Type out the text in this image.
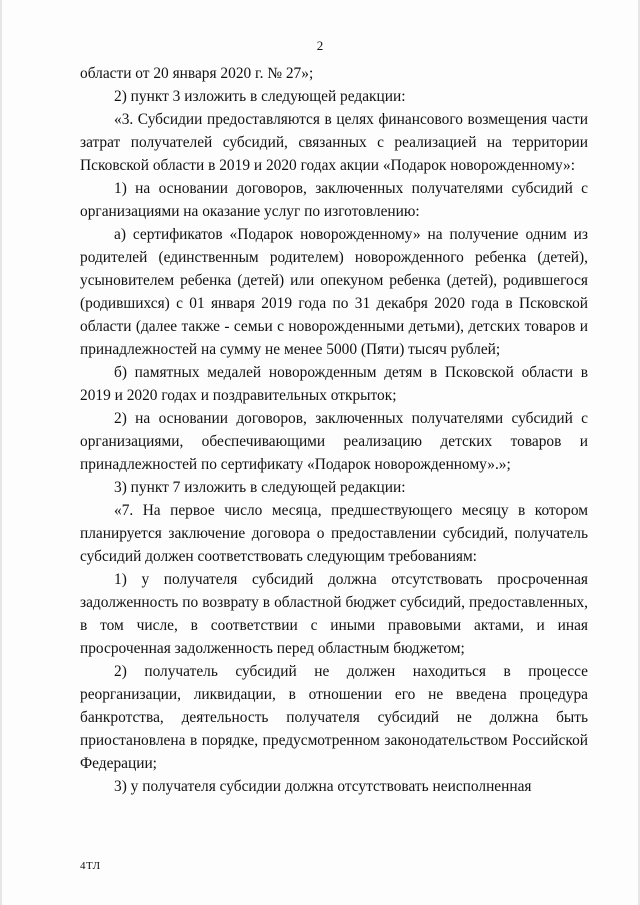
2

области от 20 января 2020 г. № 27»;

2) пункт 3 изложить в следующей редакции:

«3. Субсидии предоставляются в целях финансового возмещения части затрат получателей субсидий, связанных с реализацией на территории Псковской области в 2019 и 2020 годах акции «Подарок новорожденному»:

1) на основании договоров, заключенных получателями субсидий с организациями на оказание услуг по изготовлению:

а) сертификатов «Подарок новорожденному» на получение одним из родителей (единственным родителем) новорожденного ребенка (детей), усыновителем ребенка (детей) или опекуном ребенка (детей), родившегося (родившихся) с 01 января 2019 года по 31 декабря 2020 года в Псковской области (далее также - семьи с новорожденными детьми), детских товаров и принадлежностей на сумму не менее 5000 (Пяти) тысяч рублей;

б) памятных медалей новорожденным детям в Псковской области в 2019 и 2020 годах и поздравительных открыток;

2) на основании договоров, заключенных получателями субсидий с организациями, обеспечивающими реализацию детских товаров и принадлежностей по сертификату «Подарок новорожденному».»;

3) пункт 7 изложить в следующей редакции:

«7. На первое число месяца, предшествующего месяцу в котором планируется заключение договора о предоставлении субсидий, получатель субсидий должен соответствовать следующим требованиям:

1) у получателя субсидий должна отсутствовать просроченная задолженность по возврату в областной бюджет субсидий, предоставленных, в том числе, в соответствии с иными правовыми актами, и иная просроченная задолженность перед областным бюджетом;

2) получатель субсидий не должен находиться в процессе реорганизации, ликвидации, в отношении его не введена процедура банкротства, деятельность получателя субсидий не должна быть приостановлена в порядке, предусмотренном законодательством Российской Федерации;

3) у получателя субсидии должна отсутствовать неисполненная

4ТЛ
